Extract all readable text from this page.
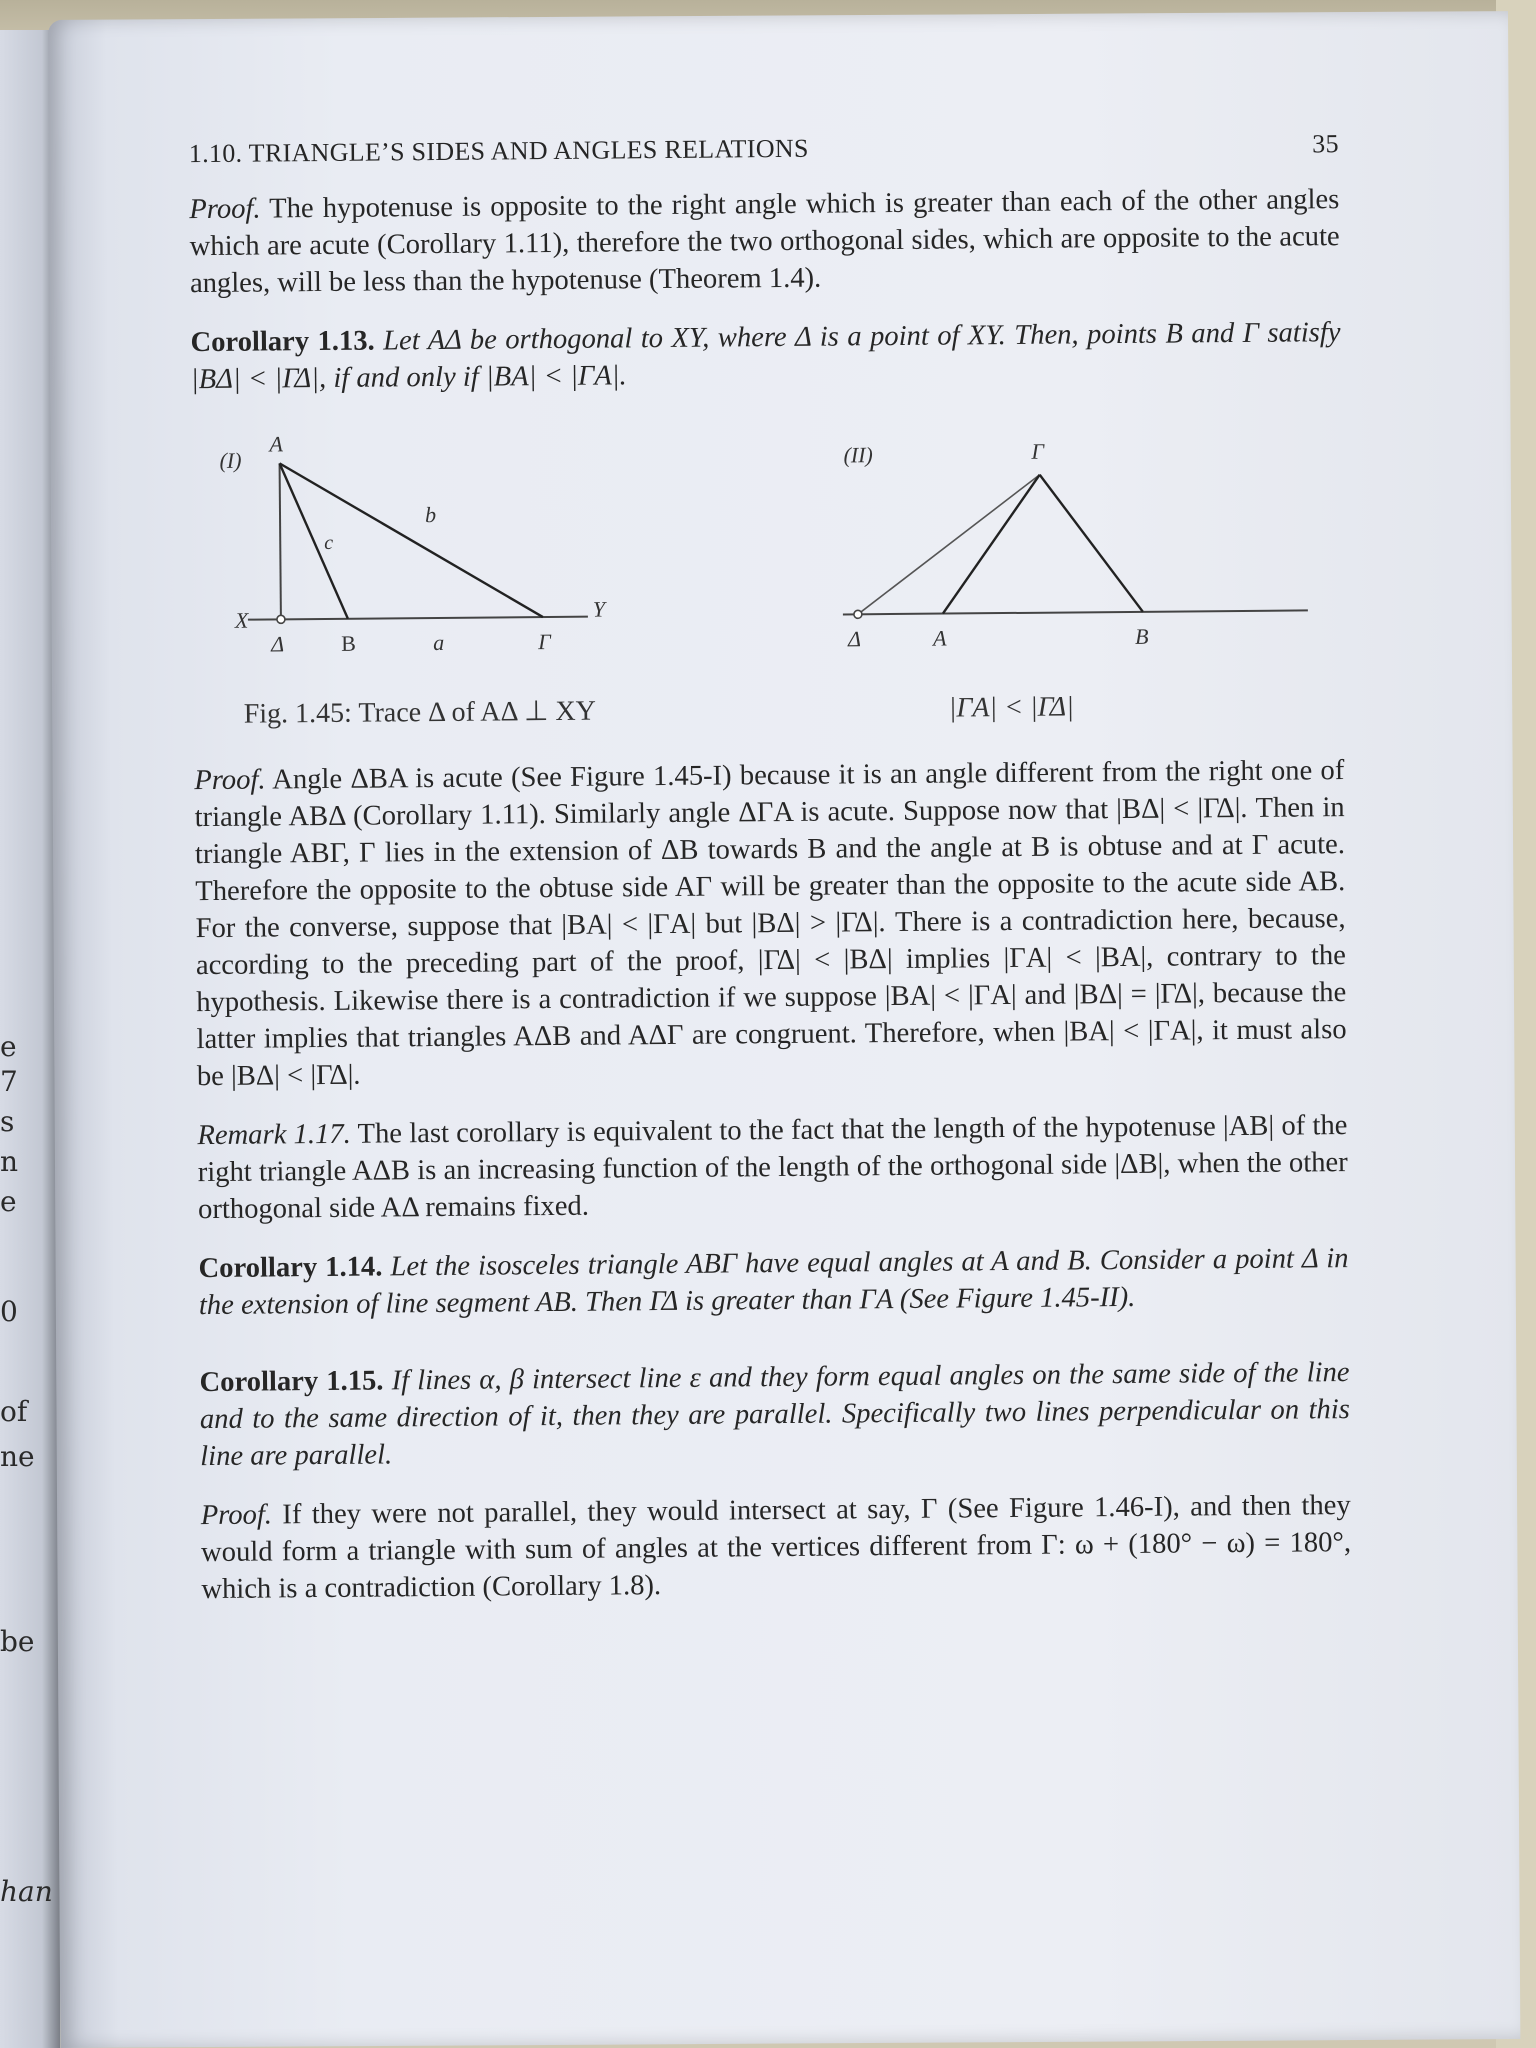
e
7
s
n
e
0
of
ne
be
han
1.10. TRIANGLE’S SIDES AND ANGLES RELATIONS	35

Proof. The hypotenuse is opposite to the right angle which is greater than each of the other angles which are acute (Corollary 1.11), therefore the two orthogonal sides, which are opposite to the acute angles, will be less than the hypotenuse (Theorem 1.4).

Corollary 1.13. Let AΔ be orthogonal to XY, where Δ is a point of XY. Then, points B and Γ satisfy |BΔ| < |ΓΔ|, if and only if |BA| < |ΓA|.

(I)
A
X	Y
Δ	B	Γ
a
b
c
(II)	Γ
Δ	A	B
Fig. 1.45: Trace Δ of AΔ ⊥ XY	|ΓA| < |ΓΔ|

Proof. Angle ΔBA is acute (See Figure 1.45-I) because it is an angle different from the right one of triangle ABΔ (Corollary 1.11). Similarly angle ΔΓA is acute. Suppose now that |BΔ| < |ΓΔ|. Then in triangle ABΓ, Γ lies in the extension of ΔB towards B and the angle at B is obtuse and at Γ acute. Therefore the opposite to the obtuse side AΓ will be greater than the opposite to the acute side AB. For the converse, suppose that |BA| < |ΓA| but |BΔ| > |ΓΔ|. There is a contradiction here, because, according to the preceding part of the proof, |ΓΔ| < |BΔ| implies |ΓA| < |BA|, contrary to the hypothesis. Likewise there is a contradiction if we suppose |BA| < |ΓA| and |BΔ| = |ΓΔ|, because the latter implies that triangles AΔB and AΔΓ are congruent. Therefore, when |BA| < |ΓA|, it must also be |BΔ| < |ΓΔ|.

Remark 1.17. The last corollary is equivalent to the fact that the length of the hypotenuse |AB| of the right triangle AΔB is an increasing function of the length of the orthogonal side |ΔB|, when the other orthogonal side AΔ remains fixed.

Corollary 1.14. Let the isosceles triangle ABΓ have equal angles at A and B. Consider a point Δ in the extension of line segment AB. Then ΓΔ is greater than ΓA (See Figure 1.45-II).

Corollary 1.15. If lines α, β intersect line ε and they form equal angles on the same side of the line and to the same direction of it, then they are parallel. Specifically two lines perpendicular on this line are parallel.

Proof. If they were not parallel, they would intersect at say, Γ (See Figure 1.46-I), and then they would form a triangle with sum of angles at the vertices different from Γ: ω + (180° − ω) = 180°, which is a contradiction (Corollary 1.8).
